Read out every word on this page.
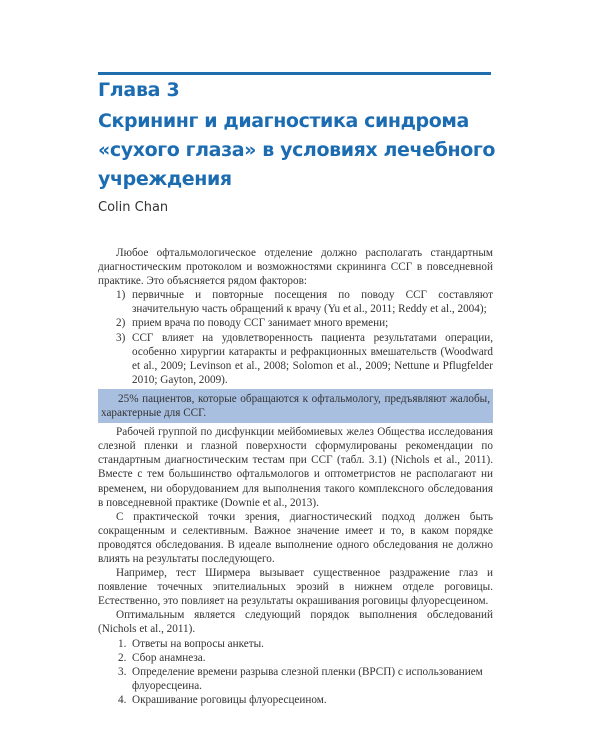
Глава 3
Скрининг и диагностика синдрома
«сухого глаза» в условиях лечебного
учреждения
Colin Chan

Любое офтальмологическое отделение должно располагать стандартным диагностическим протоколом и возможностями скрининга ССГ в повседневной практике. Это объясняется рядом факторов:

1) первичные и повторные посещения по поводу ССГ составляют значительную часть обращений к врачу (Yu et al., 2011; Reddy et al., 2004);
2) прием врача по поводу ССГ занимает много времени;
3) ССГ влияет на удовлетворенность пациента результатами операции, особенно хирургии катаракты и рефракционных вмешательств (Woodward et al., 2009; Levinson et al., 2008; Solomon et al., 2009; Nettune и Pflugfelder 2010; Gayton, 2009).
25% пациентов, которые обращаются к офтальмологу, предъявляют жалобы, характерные для ССГ.

Рабочей группой по дисфункции мейбомиевых желез Общества исследования слезной пленки и глазной поверхности сформулированы рекомендации по стандартным диагностическим тестам при ССГ (табл. 3.1) (Nichols et al., 2011). Вместе с тем большинство офтальмологов и оптометристов не располагают ни временем, ни оборудованием для выполнения такого комплексного обследования в повседневной практике (Downie et al., 2013).

С практической точки зрения, диагностический подход должен быть сокращенным и селективным. Важное значение имеет и то, в каком порядке проводятся обследования. В идеале выполнение одного обследования не должно влиять на результаты последующего.

Например, тест Ширмера вызывает существенное раздражение глаз и появление точечных эпителиальных эрозий в нижнем отделе роговицы. Естественно, это повлияет на результаты окрашивания роговицы флуоресцеином.

Оптимальным является следующий порядок выполнения обследований (Nichols et al., 2011).

1. Ответы на вопросы анкеты.
2. Сбор анамнеза.
3. Определение времени разрыва слезной пленки (ВРСП) с использованием флуоресцеина.
4. Окрашивание роговицы флуоресцеином.
